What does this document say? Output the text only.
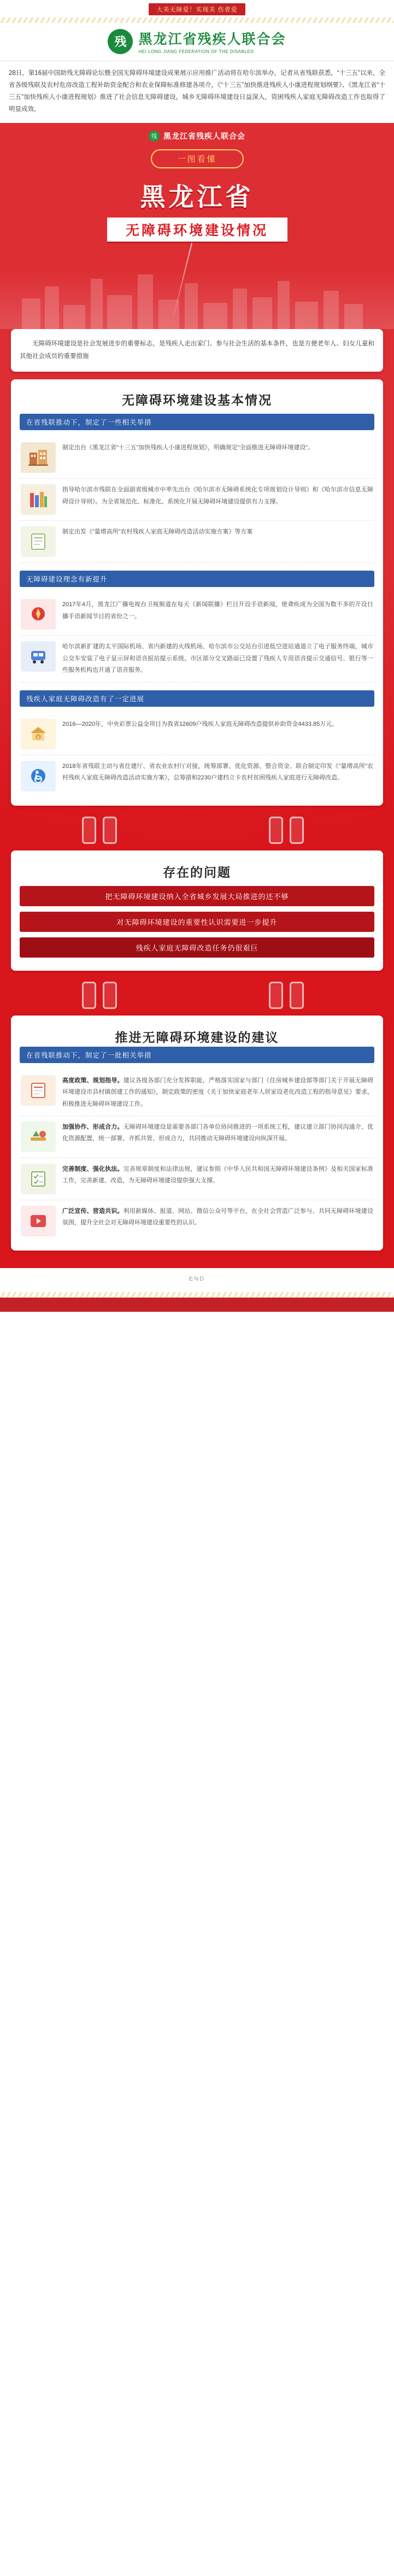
大美无障爱！实现美 伤者爱
残 黑龙江省残疾人联合会
HEI LONG JIANG FEDERATION OF THE DISABLED
28日，第16届中国助残无障碍论坛暨全国无障碍环境建设成果展示应用推广活动将在哈尔滨举办，记者从省残联获悉，“十三五”以来，全省各级残联及农村危房改造工程补助资金配合和农业保障标准修建各项介，《“十三五”加快推进残疾人小康进程规划纲要》、《黑龙江省“十三五”加快残疾人小康进程规划》推进了社会信息无障碍建设，城乡无障碍环境建设日益深入，资困残疾人家庭无障碍改造工作也取得了明显成效。
残 黑龙江省残疾人联合会
一图看懂
黑龙江省
无障碍环境建设情况
无障碍环境建设是社会发展进步的重要标志，是残疾人走出家门、参与社会生活的基本条件，也是方便老年人、妇女儿童和其他社会成员的重要措施
无障碍环境建设基本情况
在省残联推动下，制定了一些相关举措
制定出台《黑龙江省“十三五”加快残疾人小康进程规划》，明确规定“全面推进无障碍环境建设”。
指导哈尔滨市残联在全面副省级城市中率先出台《哈尔滨市无障碍系统化专项规划设计导则》和《哈尔滨市信息无障碍设计导则》。为全省规范化、标准化、系统化开展无障碍环境建设提供有力支撑。
制定出发《“量增高所”农村残疾人家庭无障碍改造活动实施方案》等方案
无障碍建设理念有新提升
2017年4月，黑龙江广播电视台卫视频道在每天《新闻联播》栏目开设手语新闻，使聋疾成为全国为数不多的开设日播手语新闻节目的省份之一。
哈尔滨新扩建的太平国际机场、省内新建的火线机场、哈尔滨市公交站台引进低空进站通道立了电子服务终端，城市公交车安装了电子显示屏和语音报站提示系统。市区部分交叉路面已设置了残疾人专用语音提示交通信号、银行等一些服务机构也开通了语音服务。
残疾人家庭无障碍改造有了一定进展
¥
2016—2020年，中央彩票公益金项目为我省12609户残疾人家庭无障碍改造提供补助资金4433.85万元。
2018年省残联主动与省住建厅、省农业农村厅对接，统筹部署、优化资源、整合资金、联合制定印发《“量增高所”农村残疾人家庭无障碍改造活动实施方案》，总筹措和2230户建档立卡农村贫困残疾人家庭进行无障碍改造。
存在的问题
把无障碍环境建设纳入全省城乡发展大局推进的还不够
对无障碍环境建设的重要性认识需要进一步提升
残疾人家庭无障碍改造任务仍很艰巨
推进无障碍环境建设的建议
在省残联推动下，制定了一批相关举措
高度政策、规划指导。建议各级各部门充分发挥职能，严格落实国家与部门《住房城乡建设部等部门关于开展无障碍环境建设市县村镇创建工作的通知》，制定政策的密度《关于加快家庭老年人居家设老化改造工程的指导意见》要求，积极推进无障碍环境建设工作。
加强协作、形成合力。无障碍环境建设是需要各部门各单位协同推进的一项系统工程，建议建立部门协同沟通介、优化资源配置、统一部署、齐抓共管、形成合力，共同推动无障碍环境建设向纵深开展。
完善制度、强化执法。完善规章制度和法律法规，建议参照《中华人民共和国无障碍环境建设条例》及相关国家标准工作，完善新建、改造、为无障碍环境建设提供强大支撑。
广泛宣传、营造共识。利用新媒体、报道、网站、微信公众号等平台，在全社会营造广泛参与、共同无障碍环境建设氛围，提升全社会对无障碍环境建设重要性的认识。
END
